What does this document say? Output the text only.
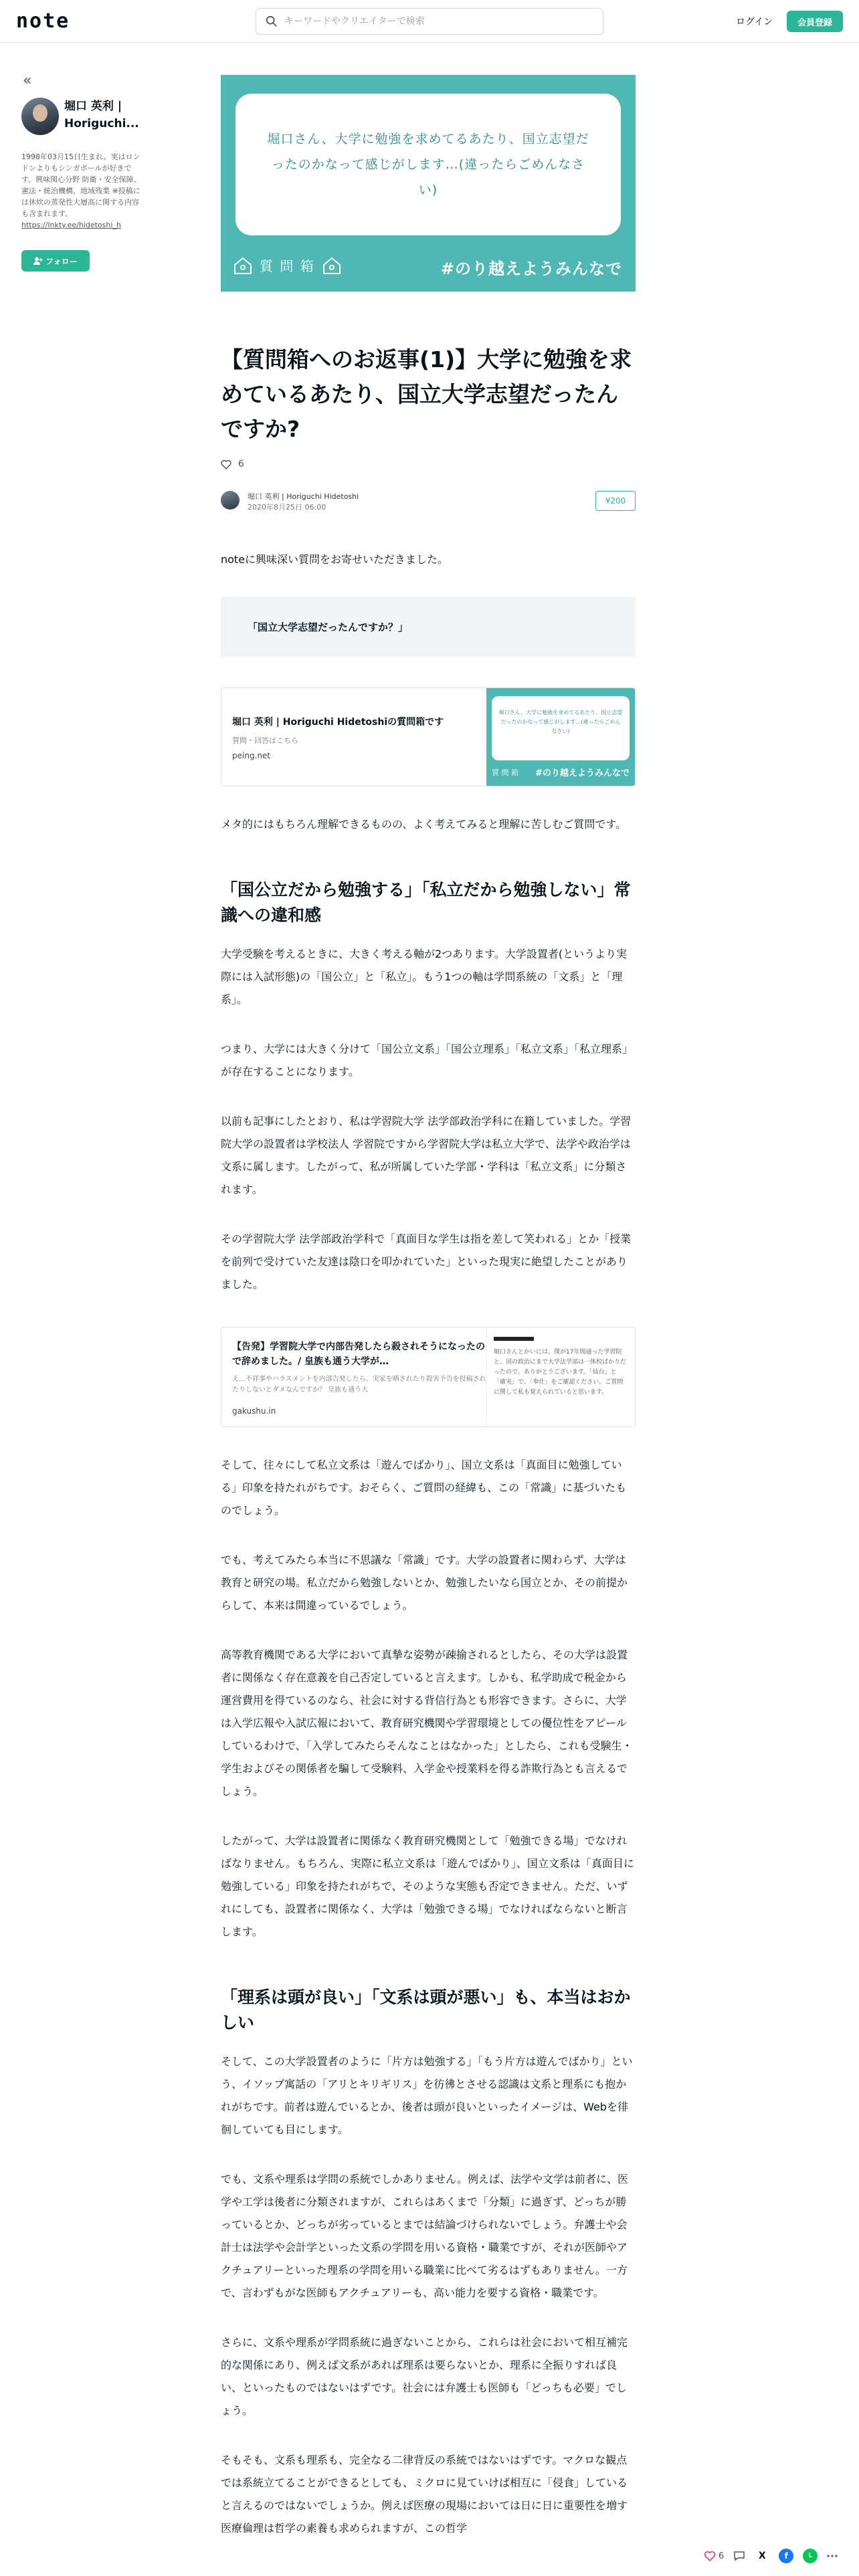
note
キーワードやクリエイターで検索	ログイン	会員登録
«
堀口 英利 | Horiguchi...
1998年03月15日生まれ。実はロンドンよりもシンガポールが好きです。興味関心分野 防衛・安全保障、憲法・統治機構、地域残業 ※投稿には休炊の蒸発性大層高に関する内容も含まれます。
https://lnkty.ee/hidetoshi_h
フォロー

堀口さん、大学に勉強を求めてるあたり、国立志望だったのかなって感じがします…(違ったらごめんなさい)

質 問 箱	#のり越えようみんなで
【質問箱へのお返事(1)】大学に勉強を求めているあたり、国立大学志望だったんですか?
6
堀口 英利 | Horiguchi Hidetoshi
2020年8月25日 06:00
¥200

noteに興味深い質問をお寄せいただきました。

「国立大学志望だったんですか？」
堀口 英利 | Horiguchi Hidetoshiの質問箱です
質問・回答はこちら
peing.net
堀口さん、大学に勉強を求めてるあたり、国立志望だったのかなって感じがします…(違ったらごめんなさい)
質 問 箱 #のり越えようみんなで

メタ的にはもちろん理解できるものの、よく考えてみると理解に苦しむご質問です。

「国公立だから勉強する」「私立だから勉強しない」常識への違和感

大学受験を考えるときに、大きく考える軸が2つあります。大学設置者(というより実際には入試形態)の「国公立」と「私立」。もう1つの軸は学問系統の「文系」と「理系」。

つまり、大学には大きく分けて「国公立文系」「国公立理系」「私立文系」「私立理系」が存在することになります。

以前も記事にしたとおり、私は学習院大学 法学部政治学科に在籍していました。学習院大学の設置者は学校法人 学習院ですから学習院大学は私立大学で、法学や政治学は文系に属します。したがって、私が所属していた学部・学科は「私立文系」に分類されます。

その学習院大学 法学部政治学科で「真面目な学生は指を差して笑われる」とか「授業を前列で受けていた友達は陰口を叩かれていた」といった現実に絶望したことがありました。

【告発】学習院大学で内部告発したら殺されそうになったので辞めました。/ 皇族も通う大学が…
え…不祥事やハラスメントを内部告発したら、実家を晒されたり殺害予告を投稿されたりしないとダメなんですか？ 皇族も通う大
gakushu.in
堀口さんとかいには、僕が17年間通った学習院と、国の政治にまで大学法学部は一体校ばかりだったので、ありがとうございます。「仙台」と「確実」で、「奉仕」をご確認ください。ご質問に関して私も覚えられていると思います。

そして、往々にして私立文系は「遊んでばかり」、国立文系は「真面目に勉強している」印象を持たれがちです。おそらく、ご質問の経緯も、この「常識」に基づいたものでしょう。

でも、考えてみたら本当に不思議な「常識」です。大学の設置者に関わらず、大学は教育と研究の場。私立だから勉強しないとか、勉強したいなら国立とか、その前提からして、本来は間違っているでしょう。

高等教育機関である大学において真摯な姿勢が疎揄されるとしたら、その大学は設置者に関係なく存在意義を自己否定していると言えます。しかも、私学助成で税金から運営費用を得ているのなら、社会に対する背信行為とも形容できます。さらに、大学は入学広報や入試広報において、教育研究機関や学習環境としての優位性をアピールしているわけで、「入学してみたらそんなことはなかった」としたら、これも受験生・学生およびその関係者を騙して受験料、入学金や授業料を得る詐欺行為とも言えるでしょう。

したがって、大学は設置者に関係なく教育研究機関として「勉強できる場」でなければなりません。もちろん、実際に私立文系は「遊んでばかり」、国立文系は「真面目に勉強している」印象を持たれがちで、そのような実態も否定できません。ただ、いずれにしても、設置者に関係なく、大学は「勉強できる場」でなければならないと断言します。

「理系は頭が良い」「文系は頭が悪い」も、本当はおかしい

そして、この大学設置者のように「片方は勉強する」「もう片方は遊んでばかり」という、イソップ寓話の「アリとキリギリス」を彷彿とさせる認識は文系と理系にも抱かれがちです。前者は遊んでいるとか、後者は頭が良いといったイメージは、Webを徘徊していても目にします。

でも、文系や理系は学問の系統でしかありません。例えば、法学や文学は前者に、医学や工学は後者に分類されますが、これらはあくまで「分類」に過ぎず、どっちが勝っているとか、どっちが劣っているとまでは結論づけられないでしょう。弁護士や会計士は法学や会計学といった文系の学問を用いる資格・職業ですが、それが医師やアクチュアリーといった理系の学問を用いる職業に比べて劣るはずもありません。一方で、言わずもがな医師もアクチュアリーも、高い能力を要する資格・職業です。

さらに、文系や理系が学問系統に過ぎないことから、これらは社会において相互補完的な関係にあり、例えば文系があれば理系は要らないとか、理系に全振りすれば良い、といったものではないはずです。社会には弁護士も医師も「どっちも必要」でしょう。

そもそも、文系も理系も、完全なる二律背反の系統ではないはずです。マクロな観点では系統立てることができるとしても、ミクロに見ていけば相互に「侵食」していると言えるのではないでしょうか。例えば医療の現場においては日に日に重要性を増す医療倫理は哲学の素養も求められますが、この哲学

6	X	f	L
